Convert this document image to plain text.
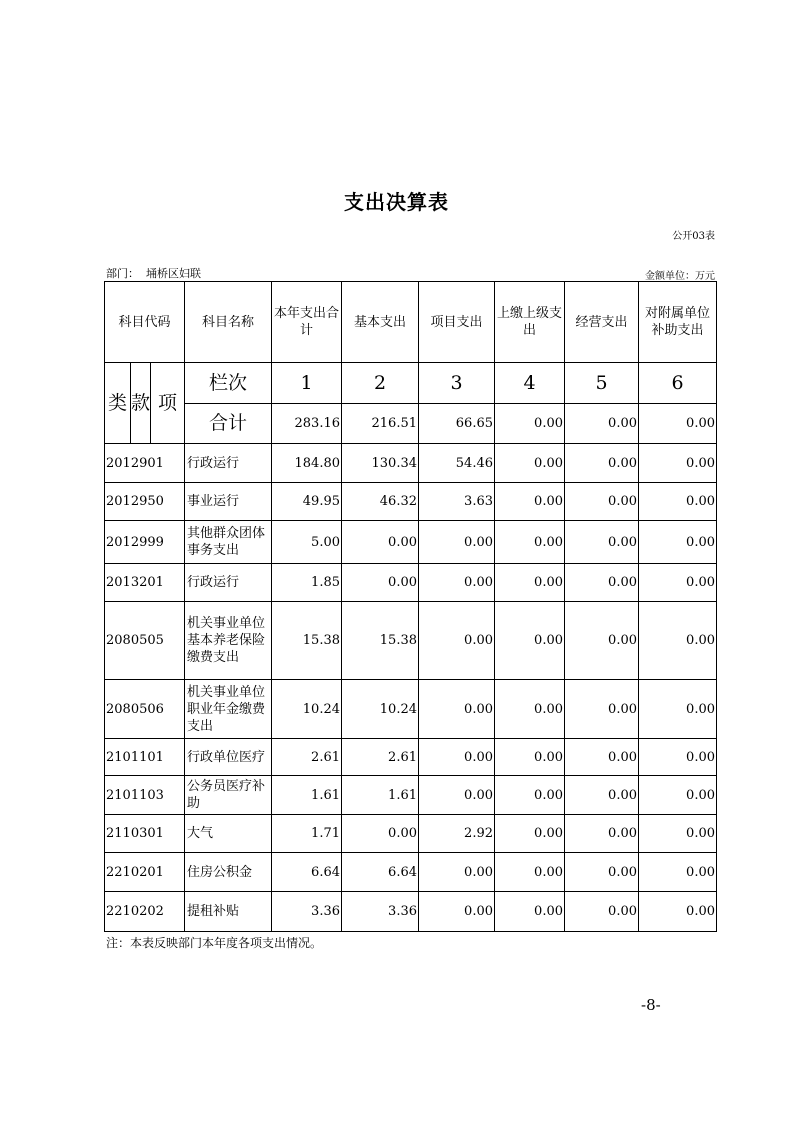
支出决算表
公开03表
部门： 埇桥区妇联	金额单位：万元
科目代码			科目名称	本年支出合计	基本支出	项目支出	上缴上级支出	经营支出	对附属单位补助支出
类	款	项	栏次	1	2	3	4	5	6
			合计	283.16	216.51	66.65	0.00	0.00	0.00
2012901			行政运行	184.80	130.34	54.46	0.00	0.00	0.00
2012950			事业运行	49.95	46.32	3.63	0.00	0.00	0.00
2012999			其他群众团体事务支出	5.00	0.00	0.00	0.00	0.00	0.00
2013201			行政运行	1.85	0.00	0.00	0.00	0.00	0.00
2080505			机关事业单位基本养老保险缴费支出	15.38	15.38	0.00	0.00	0.00	0.00
2080506			机关事业单位职业年金缴费支出	10.24	10.24	0.00	0.00	0.00	0.00
2101101			行政单位医疗	2.61	2.61	0.00	0.00	0.00	0.00
2101103			公务员医疗补助	1.61	1.61	0.00	0.00	0.00	0.00
2110301			大气	1.71	0.00	2.92	0.00	0.00	0.00
2210201			住房公积金	6.64	6.64	0.00	0.00	0.00	0.00
2210202			提租补贴	3.36	3.36	0.00	0.00	0.00	0.00
注：本表反映部门本年度各项支出情况。
-8-
